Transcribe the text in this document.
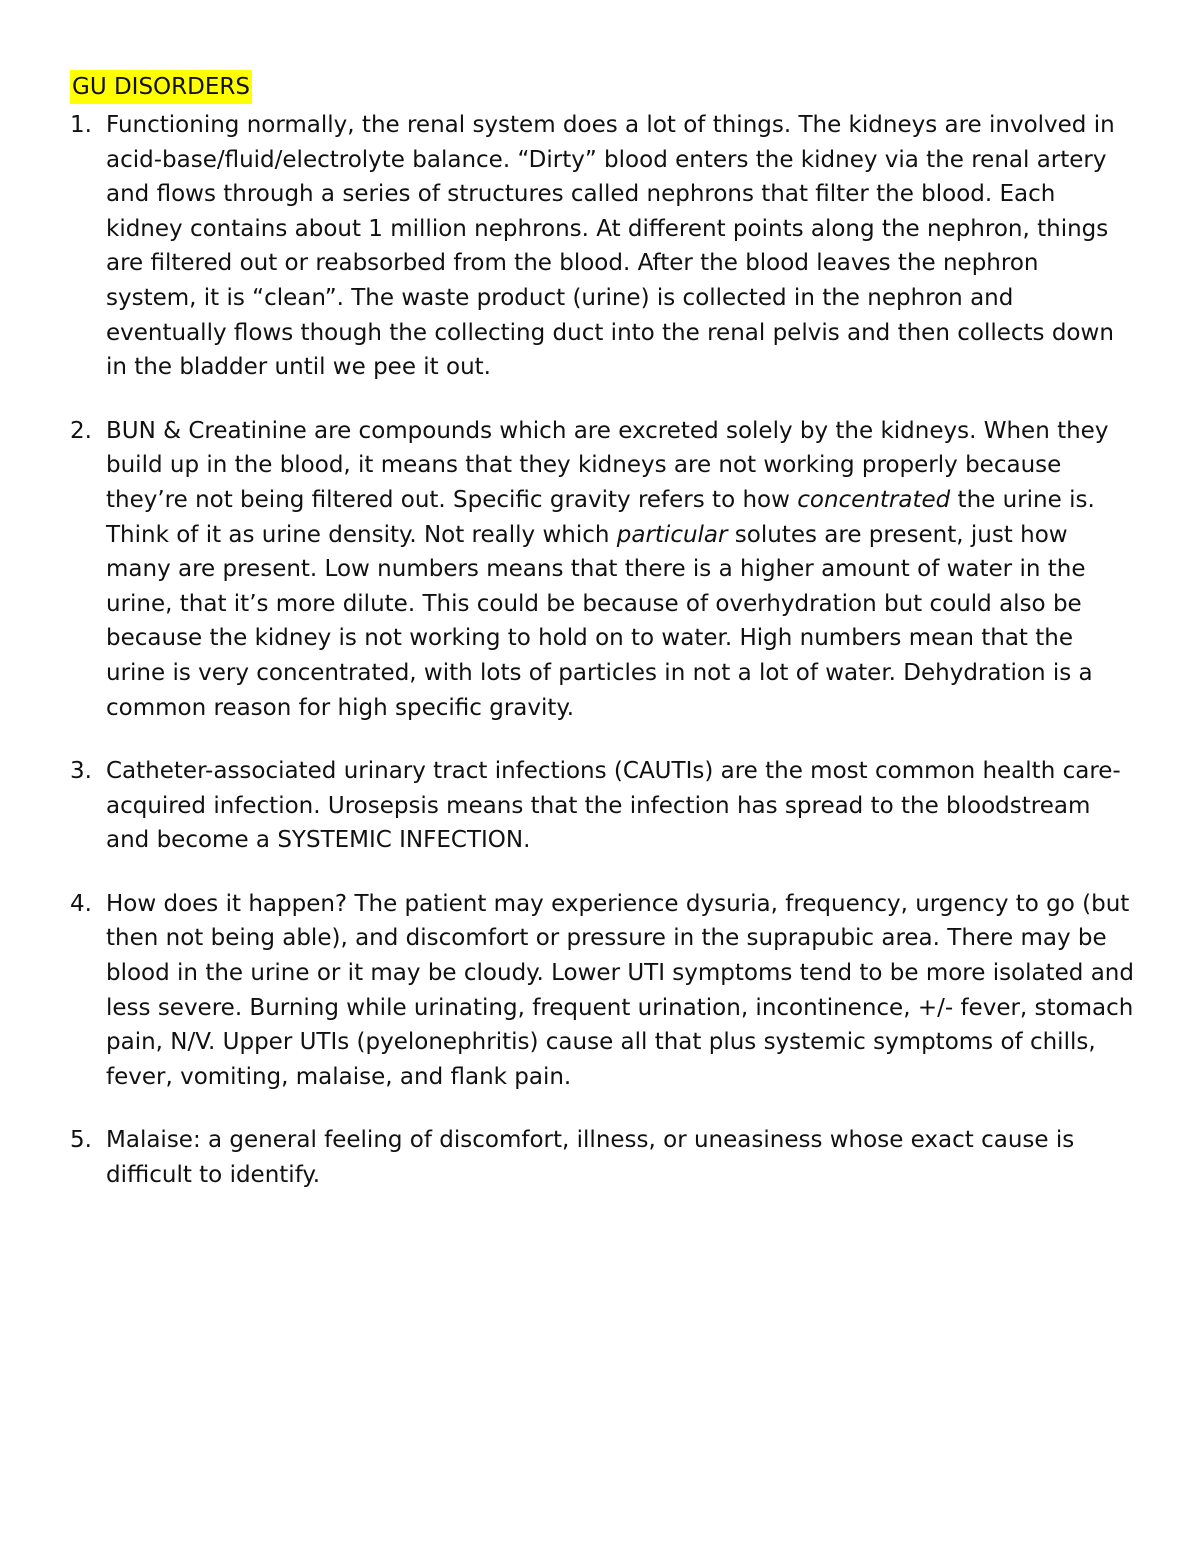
GU DISORDERS
1. Functioning normally, the renal system does a lot of things. The kidneys are involved in acid-base/fluid/electrolyte balance. “Dirty” blood enters the kidney via the renal artery and flows through a series of structures called nephrons that filter the blood. Each kidney contains about 1 million nephrons. At different points along the nephron, things are filtered out or reabsorbed from the blood. After the blood leaves the nephron system, it is “clean”. The waste product (urine) is collected in the nephron and eventually flows though the collecting duct into the renal pelvis and then collects down in the bladder until we pee it out.
2. BUN & Creatinine are compounds which are excreted solely by the kidneys. When they build up in the blood, it means that they kidneys are not working properly because they’re not being filtered out. Specific gravity refers to how concentrated the urine is. Think of it as urine density. Not really which particular solutes are present, just how many are present. Low numbers means that there is a higher amount of water in the urine, that it’s more dilute. This could be because of overhydration but could also be because the kidney is not working to hold on to water. High numbers mean that the urine is very concentrated, with lots of particles in not a lot of water. Dehydration is a common reason for high specific gravity.
3. Catheter-associated urinary tract infections (CAUTIs) are the most common health care-acquired infection. Urosepsis means that the infection has spread to the bloodstream and become a SYSTEMIC INFECTION.
4. How does it happen? The patient may experience dysuria, frequency, urgency to go (but then not being able), and discomfort or pressure in the suprapubic area. There may be blood in the urine or it may be cloudy. Lower UTI symptoms tend to be more isolated and less severe. Burning while urinating, frequent urination, incontinence, +/- fever, stomach pain, N/V. Upper UTIs (pyelonephritis) cause all that plus systemic symptoms of chills, fever, vomiting, malaise, and flank pain.
5. Malaise: a general feeling of discomfort, illness, or uneasiness whose exact cause is difficult to identify.
